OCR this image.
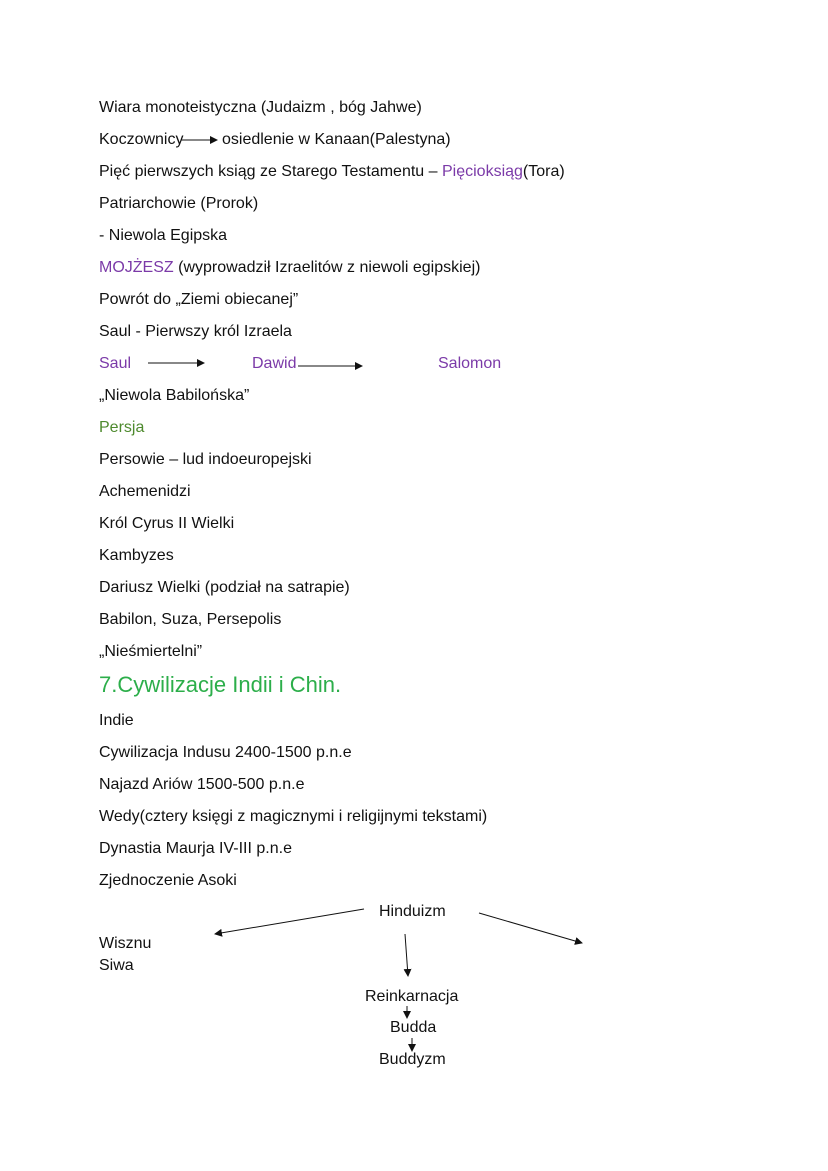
Wiara monoteistyczna (Judaizm , bóg Jahwe)
Koczownicy osiedlenie w Kanaan(Palestyna)
Pięć pierwszych ksiąg ze Starego Testamentu – Pięcioksiąg(Tora)
Patriarchowie (Prorok)
- Niewola Egipska
MOJŻESZ (wyprowadził Izraelitów z niewoli egipskiej)
Powrót do „Ziemi obiecanej”
Saul - Pierwszy król Izraela
Saul	Dawid	Salomon
„Niewola Babilońska”
Persja
Persowie – lud indoeuropejski
Achemenidzi
Król Cyrus II Wielki
Kambyzes
Dariusz Wielki (podział na satrapie)
Babilon, Suza, Persepolis
„Nieśmiertelni”
7.Cywilizacje Indii i Chin.
Indie
Cywilizacja Indusu 2400-1500 p.n.e
Najazd Ariów 1500-500 p.n.e
Wedy(cztery księgi z magicznymi i religijnymi tekstami)
Dynastia Maurja IV-III p.n.e
Zjednoczenie Asoki
Hinduizm
Wisznu
Siwa
Reinkarnacja
Budda
Buddyzm
